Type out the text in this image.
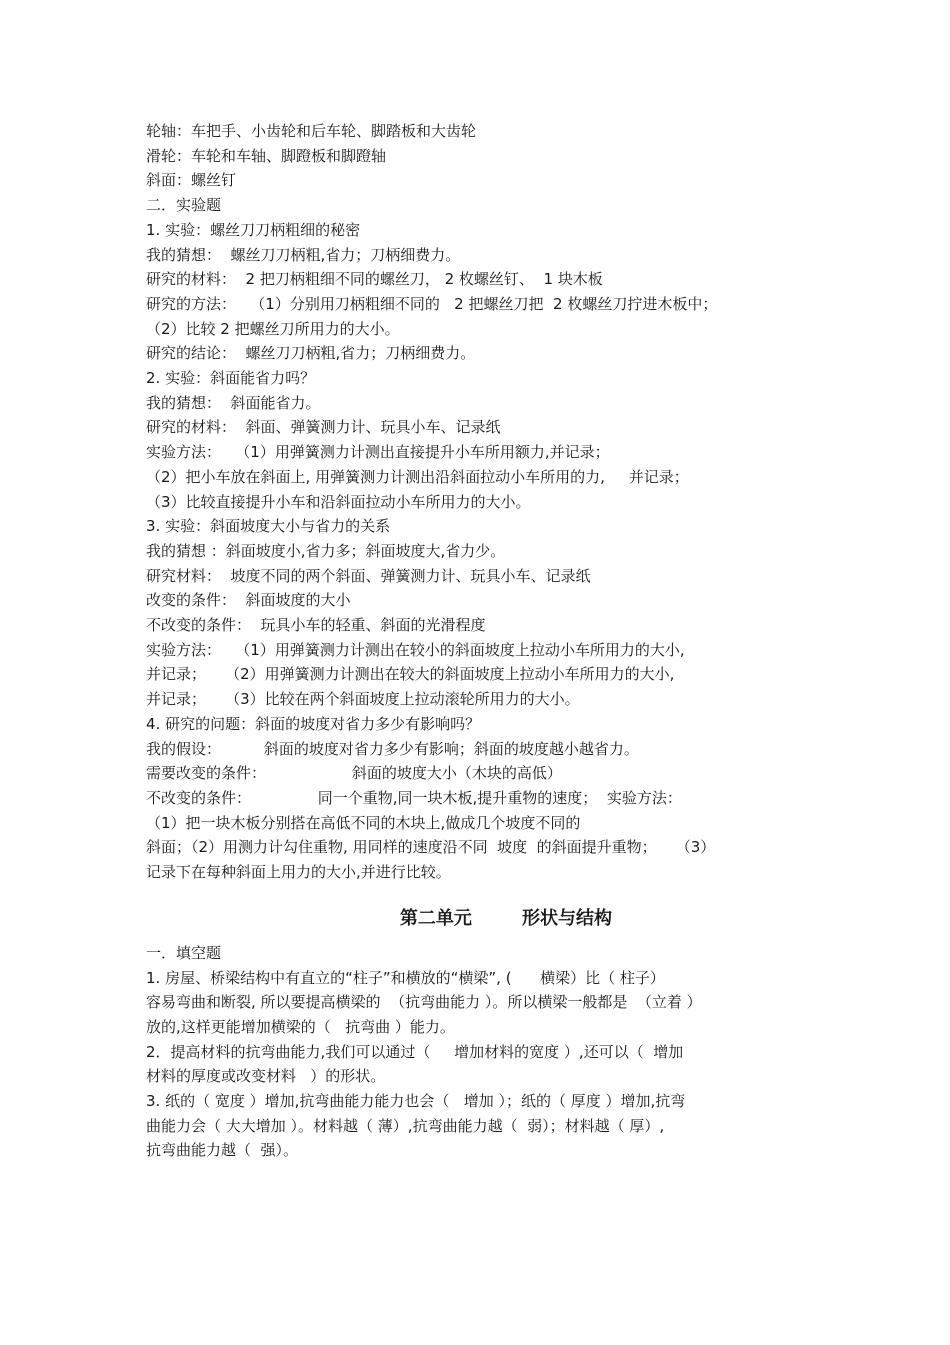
轮轴：车把手、小齿轮和后车轮、脚踏板和大齿轮

滑轮：车轮和车轴、脚蹬板和脚蹬轴

斜面：螺丝钉

二．实验题

1. 实验：螺丝刀刀柄粗细的秘密

我的猜想：  螺丝刀刀柄粗,省力；刀柄细费力。

研究的材料：  2 把刀柄粗细不同的螺丝刀， 2 枚螺丝钉、  1 块木板

研究的方法：   （1）分别用刀柄粗细不同的   2 把螺丝刀把  2 枚螺丝刀拧进木板中；

（2）比较 2 把螺丝刀所用力的大小。

研究的结论：  螺丝刀刀柄粗,省力；刀柄细费力。

2. 实验：斜面能省力吗？

我的猜想：  斜面能省力。

研究的材料：  斜面、弹簧测力计、玩具小车、记录纸

实验方法：   （1）用弹簧测力计测出直接提升小车所用额力,并记录；

（2）把小车放在斜面上, 用弹簧测力计测出沿斜面拉动小车所用的力,     并记录；

（3）比较直接提升小车和沿斜面拉动小车所用力的大小。

3. 实验：斜面坡度大小与省力的关系

我的猜想 ：斜面坡度小,省力多；斜面坡度大,省力少。

研究材料：  坡度不同的两个斜面、弹簧测力计、玩具小车、记录纸

改变的条件：  斜面坡度的大小

不改变的条件：  玩具小车的轻重、斜面的光滑程度

实验方法：   （1）用弹簧测力计测出在较小的斜面坡度上拉动小车所用力的大小,

并记录；    （2）用弹簧测力计测出在较大的斜面坡度上拉动小车所用力的大小,

并记录；    （3）比较在两个斜面坡度上拉动滚轮所用力的大小。

4. 研究的问题：斜面的坡度对省力多少有影响吗？

我的假设：         斜面的坡度对省力多少有影响；斜面的坡度越小越省力。

需要改变的条件：                  斜面的坡度大小（木块的高低）

不改变的条件：              同一个重物,同一块木板,提升重物的速度；  实验方法：

（1）把一块木板分别搭在高低不同的木块上,做成几个坡度不同的

斜面；（2）用测力计勾住重物, 用同样的速度沿不同  坡度  的斜面提升重物；    （3）

记录下在每种斜面上用力的大小,并进行比较。

第二单元        形状与结构

一．填空题

1. 房屋、桥梁结构中有直立的“柱子”和横放的“横梁”, (      横梁）比（ 柱子）

容易弯曲和断裂, 所以要提高横梁的  （抗弯曲能力 ）。所以横梁一般都是  （立着 ）

放的,这样更能增加横梁的（   抗弯曲 ）能力。

2．提高材料的抗弯曲能力,我们可以通过（     增加材料的宽度 ）,还可以（  增加

材料的厚度或改变材料   ）的形状。

3. 纸的（ 宽度 ）增加,抗弯曲能力能力也会（   增加 ）；纸的（ 厚度 ）增加,抗弯

曲能力会（ 大大增加 ）。材料越（ 薄）,抗弯曲能力越（  弱）；材料越（ 厚）,

抗弯曲能力越（  强）。
